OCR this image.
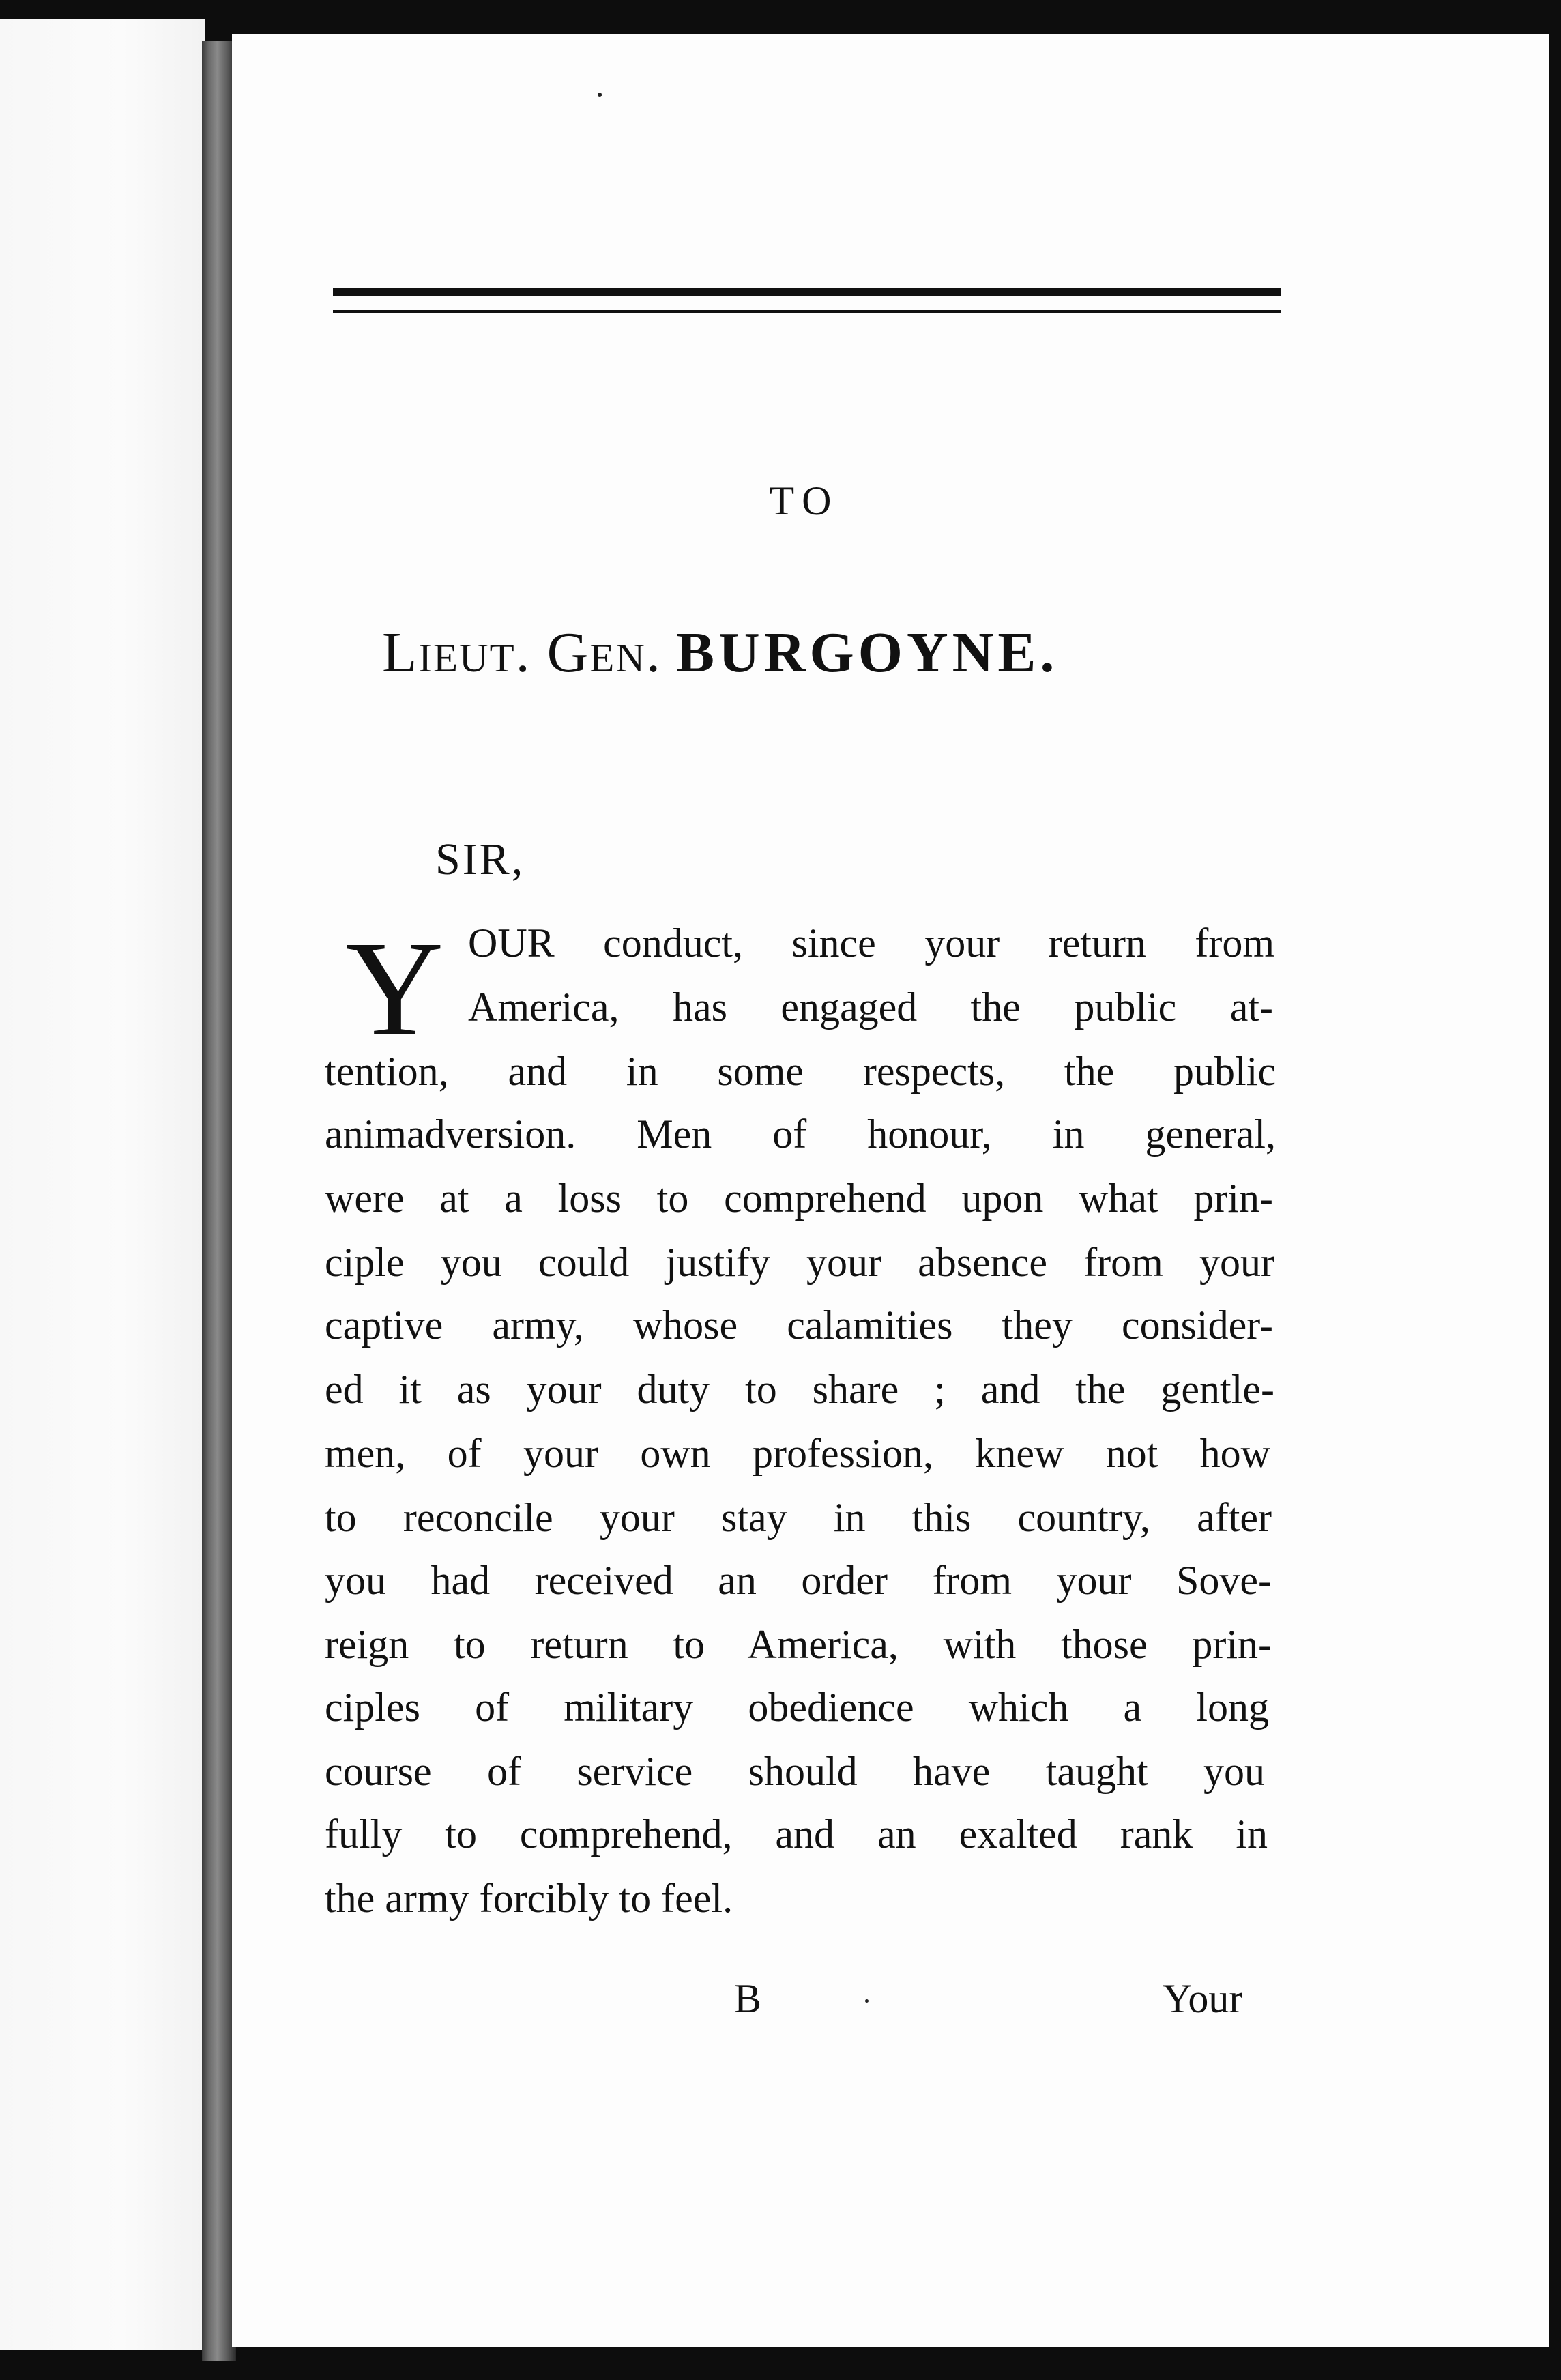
TO
Lieut. Gen. BURGOYNE.
SIR,
Y OUR conduct, since your return from
America, has engaged the public at-
tention, and in some respects, the public
animadversion. Men of honour, in general,
were at a loss to comprehend upon what prin-
ciple you could justify your absence from your
captive army, whose calamities they consider-
ed it as your duty to share ; and the gentle-
men, of your own profession, knew not how
to reconcile your stay in this country, after
you had received an order from your Sove-
reign to return to America, with those prin-
ciples of military obedience which a long
course of service should have taught you
fully to comprehend, and an exalted rank in
the army forcibly to feel.
B	Your
